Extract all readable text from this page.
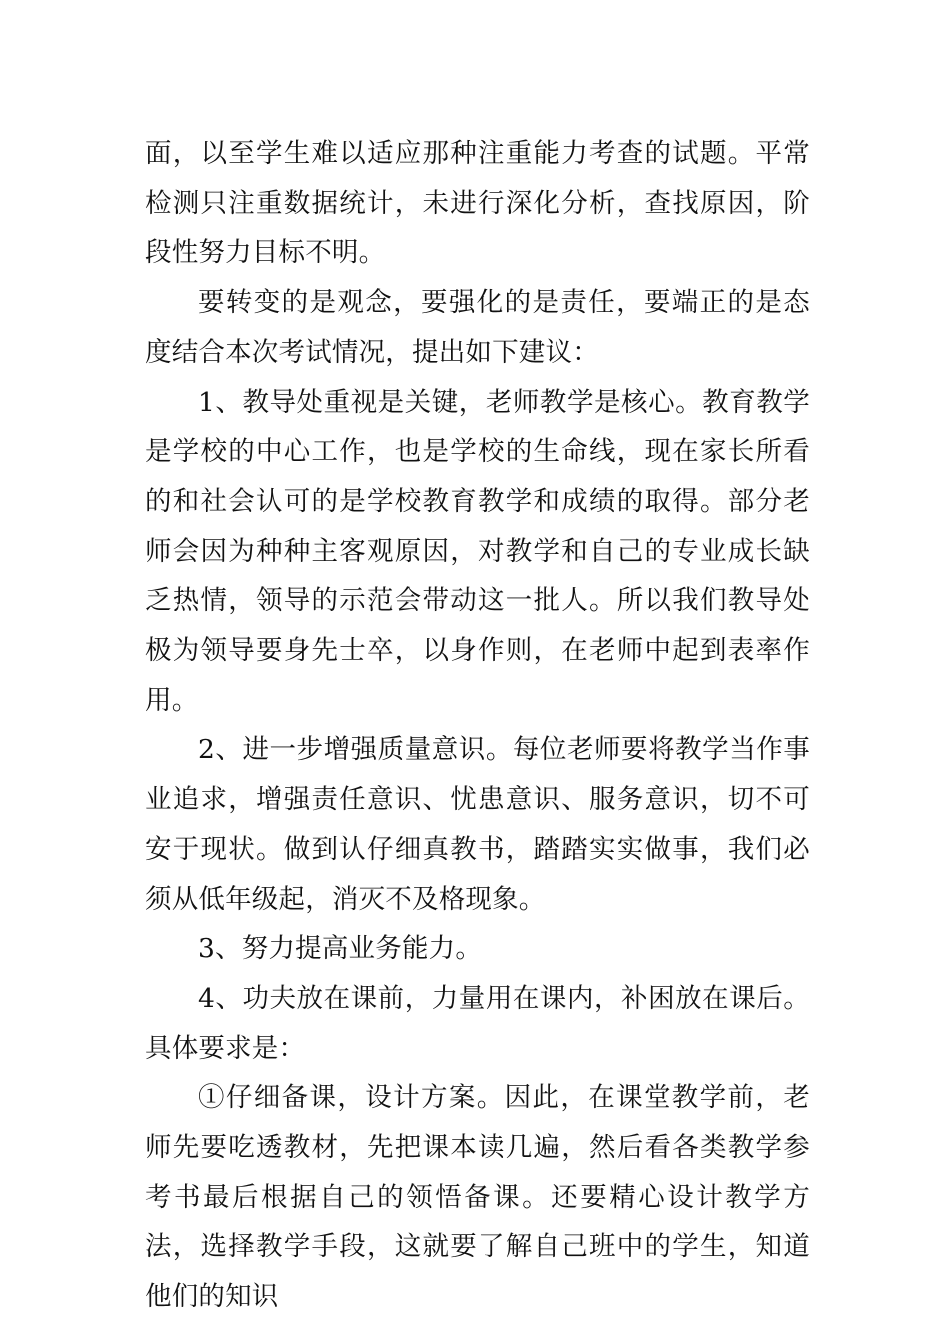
面，以至学生难以适应那种注重能力考查的试题。平常检测只注重数据统计，未进行深化分析，查找原因，阶段性努力目标不明。

要转变的是观念，要强化的是责任，要端正的是态度结合本次考试情况，提出如下建议：

1、教导处重视是关键，老师教学是核心。教育教学是学校的中心工作，也是学校的生命线，现在家长所看的和社会认可的是学校教育教学和成绩的取得。部分老师会因为种种主客观原因，对教学和自己的专业成长缺乏热情，领导的示范会带动这一批人。所以我们教导处极为领导要身先士卒，以身作则，在老师中起到表率作用。

2、进一步增强质量意识。每位老师要将教学当作事业追求，增强责任意识、忧患意识、服务意识，切不可安于现状。做到认仔细真教书，踏踏实实做事，我们必须从低年级起，消灭不及格现象。

3、努力提高业务能力。

4、功夫放在课前，力量用在课内，补困放在课后。具体要求是：

①仔细备课，设计方案。因此，在课堂教学前，老师先要吃透教材，先把课本读几遍，然后看各类教学参考书最后根据自己的领悟备课。还要精心设计教学方法，选择教学手段，这就要了解自己班中的学生，知道他们的知识
